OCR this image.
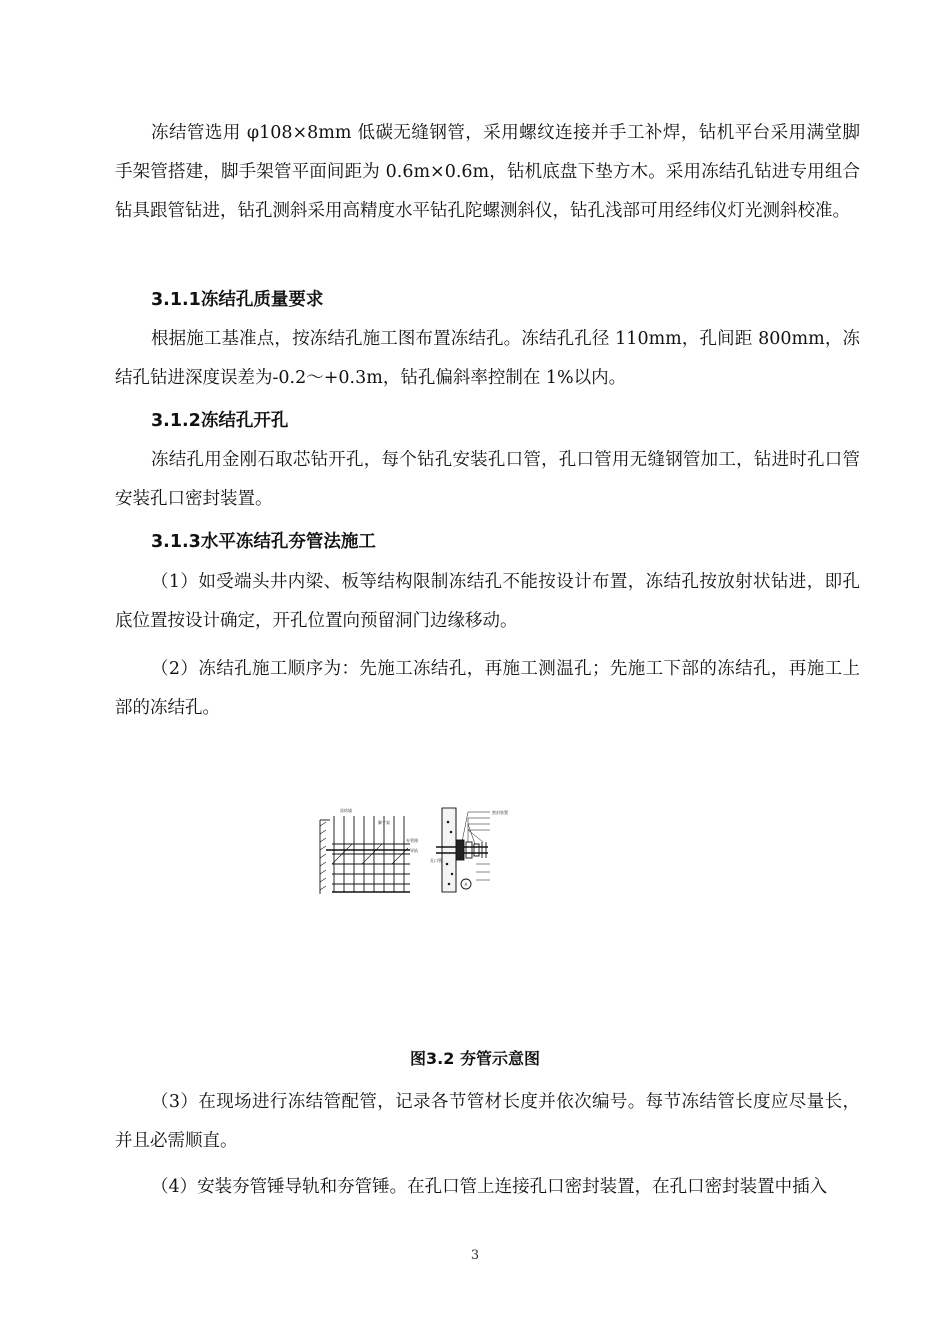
冻结管选用 φ108×8mm 低碳无缝钢管，采用螺纹连接并手工补焊，钻机平台采用满堂脚手架管搭建，脚手架管平面间距为 0.6m×0.6m，钻机底盘下垫方木。采用冻结孔钻进专用组合钻具跟管钻进，钻孔测斜采用高精度水平钻孔陀螺测斜仪，钻孔浅部可用经纬仪灯光测斜校准。

3.1.1冻结孔质量要求

根据施工基准点，按冻结孔施工图布置冻结孔。冻结孔孔径 110mm，孔间距 800mm，冻结孔钻进深度误差为-0.2～+0.3m，钻孔偏斜率控制在 1%以内。

3.1.2冻结孔开孔

冻结孔用金刚石取芯钻开孔，每个钻孔安装孔口管，孔口管用无缝钢管加工，钻进时孔口管安装孔口密封装置。

3.1.3水平冻结孔夯管法施工

（1）如受端头井内梁、板等结构限制冻结孔不能按设计布置，冻结孔按放射状钻进，即孔底位置按设计确定，开孔位置向预留洞门边缘移动。

（2）冻结孔施工顺序为：先施工冻结孔，再施工测温孔；先施工下部的冻结孔，再施工上部的冻结孔。

冻结墙
脚手架
夯管锤
导轨
孔口管
密封装置
A
图3.2 夯管示意图

（3）在现场进行冻结管配管，记录各节管材长度并依次编号。每节冻结管长度应尽量长，并且必需顺直。

（4）安装夯管锤导轨和夯管锤。在孔口管上连接孔口密封装置，在孔口密封装置中插入

3
